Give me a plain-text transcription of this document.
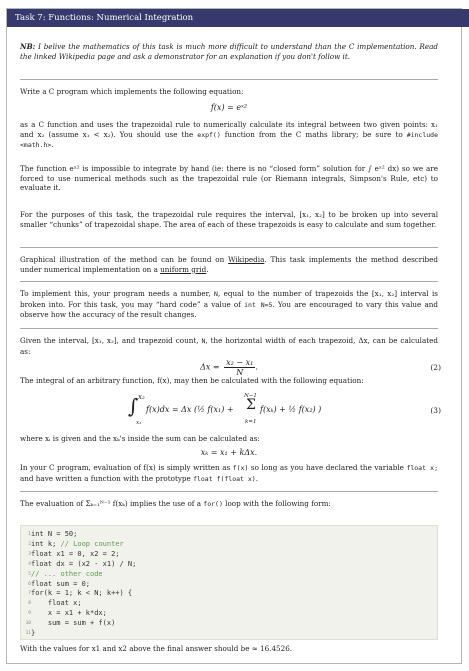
Task 7: Functions: Numerical Integration
NB: I belive the mathematics of this task is much more difficult to understand than the C implementation. Read the linked Wikipedia page and ask a demonstrator for an explanation if you don't follow it.
Write a C program which implements the following equation:
f(x) = eˣ²
as a C function and uses the trapezoidal rule to numerically calculate its integral between two given points: x₁ and x₂ (assume x₁ < x₂). You should use the expf() function from the C maths library; be sure to #include <math.h>.
The function eˣ² is impossible to integrate by hand (ie: there is no “closed form” solution for ∫ eˣ² dx) so we are forced to use numerical methods such as the trapezoidal rule (or Riemann integrals, Simpson's Rule, etc) to evaluate it.
For the purposes of this task, the trapezoidal rule requires the interval, [x₁, x₂] to be broken up into several smaller “chunks” of trapezoidal shape. The area of each of these trapezoids is easy to calculate and sum together.
Graphical illustration of the method can be found on Wikipedia. This task implements the method described under numerical implementation on a uniform grid.
To implement this, your program needs a number, N, equal to the number of trapezoids the [x₁, x₂] interval is broken into. For this task, you may “hard code” a value of int N=5. You are encouraged to vary this value and observe how the accuracy of the result changes.
Given the interval, [x₁, x₂], and trapezoid count, N, the horizontal width of each trapezoid, Δx, can be calculated as:
$\Delta x = \frac{\text{x₂ − x₁}}{N}$ .	(2)
The integral of an arbitrary function, f(x), may then be calculated with the following equation:
x₂
∫
x₁
f(x)dx = Δx (½ f(x₁) +
N−1
Σ
k=1
f(xₖ) + ½ f(x₂) )	(3)
where xᵢ is given and the xₖ's inside the sum can be calculated as:
xₖ = x₁ + kΔx.
In your C program, evaluation of f(x) is simply written as f(x) so long as you have declared the variable float x; and have written a function with the prototype float f(float x).
The evaluation of Σₖ₌₁ᴺ⁻¹ f(xₖ) implies the use of a for() loop with the following form:
1 int N = 50;
2 int k; // Loop counter
3 float x1 = 0, x2 = 2;
4 float dx = (x2 - x1) / N;
5 // ... other code
6 float sum = 0;
7 for(k = 1; k < N; k++) {
8 float x;
9 x = x1 + k*dx;
10 sum = sum + f(x)
11 }
With the values for x1 and x2 above the final answer should be ≈ 16.4526.
